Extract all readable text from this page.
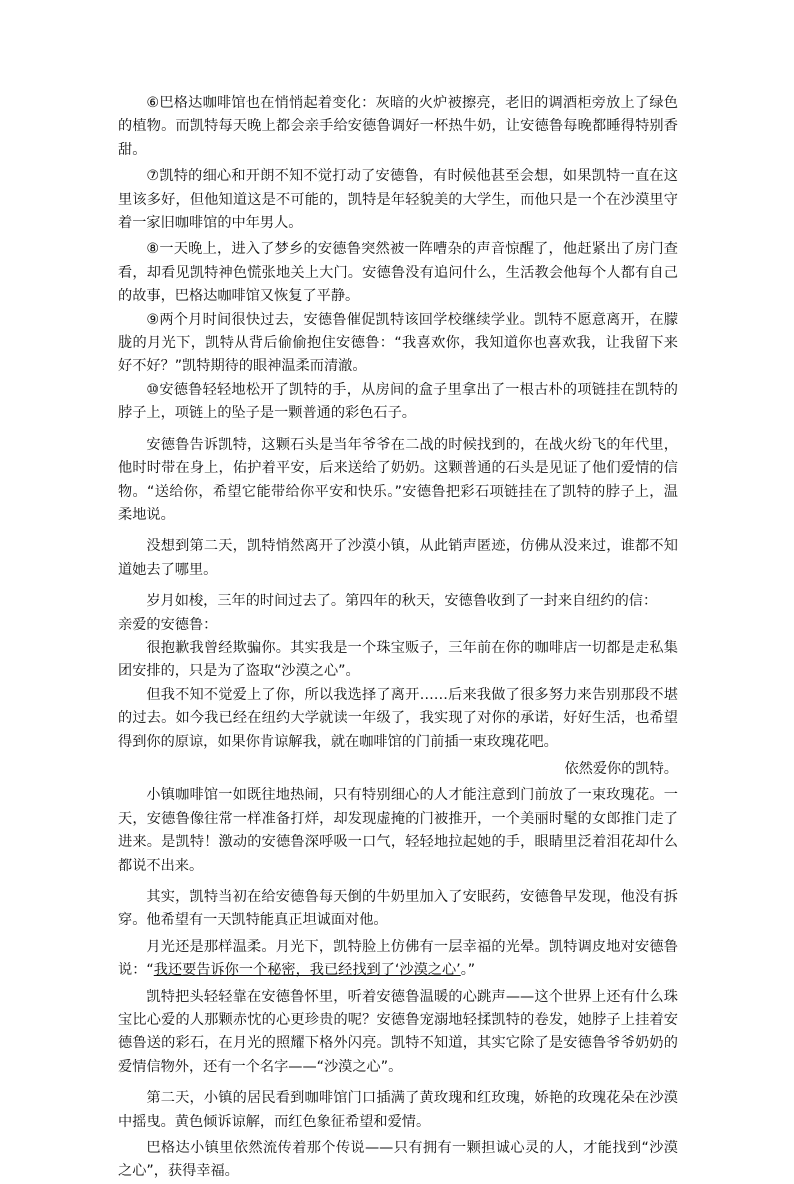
⑥巴格达咖啡馆也在悄悄起着变化：灰暗的火炉被擦亮，老旧的调酒柜旁放上了绿色的植物。而凯特每天晚上都会亲手给安德鲁调好一杯热牛奶，让安德鲁每晚都睡得特别香甜。

⑦凯特的细心和开朗不知不觉打动了安德鲁，有时候他甚至会想，如果凯特一直在这里该多好，但他知道这是不可能的，凯特是年轻貌美的大学生，而他只是一个在沙漠里守着一家旧咖啡馆的中年男人。

⑧一天晚上，进入了梦乡的安德鲁突然被一阵嘈杂的声音惊醒了，他赶紧出了房门查看，却看见凯特神色慌张地关上大门。安德鲁没有追问什么，生活教会他每个人都有自己的故事，巴格达咖啡馆又恢复了平静。

⑨两个月时间很快过去，安德鲁催促凯特该回学校继续学业。凯特不愿意离开，在朦胧的月光下，凯特从背后偷偷抱住安德鲁：“我喜欢你，我知道你也喜欢我，让我留下来好不好？”凯特期待的眼神温柔而清澈。

⑩安德鲁轻轻地松开了凯特的手，从房间的盒子里拿出了一根古朴的项链挂在凯特的脖子上，项链上的坠子是一颗普通的彩色石子。

安德鲁告诉凯特，这颗石头是当年爷爷在二战的时候找到的，在战火纷飞的年代里，他时时带在身上，佑护着平安，后来送给了奶奶。这颗普通的石头是见证了他们爱情的信物。“送给你，希望它能带给你平安和快乐。”安德鲁把彩石项链挂在了凯特的脖子上，温柔地说。

没想到第二天，凯特悄然离开了沙漠小镇，从此销声匿迹，仿佛从没来过，谁都不知道她去了哪里。

岁月如梭，三年的时间过去了。第四年的秋天，安德鲁收到了一封来自纽约的信：

亲爱的安德鲁：

很抱歉我曾经欺骗你。其实我是一个珠宝贩子，三年前在你的咖啡店一切都是走私集团安排的，只是为了盗取“沙漠之心”。

但我不知不觉爱上了你，所以我选择了离开……后来我做了很多努力来告别那段不堪的过去。如今我已经在纽约大学就读一年级了，我实现了对你的承诺，好好生活，也希望得到你的原谅，如果你肯谅解我，就在咖啡馆的门前插一束玫瑰花吧。

依然爱你的凯特。

小镇咖啡馆一如既往地热闹，只有特别细心的人才能注意到门前放了一束玫瑰花。一天，安德鲁像往常一样准备打烊，却发现虚掩的门被推开，一个美丽时髦的女郎推门走了进来。是凯特！激动的安德鲁深呼吸一口气，轻轻地拉起她的手，眼睛里泛着泪花却什么都说不出来。

其实，凯特当初在给安德鲁每天倒的牛奶里加入了安眠药，安德鲁早发现，他没有拆穿。他希望有一天凯特能真正坦诚面对他。

月光还是那样温柔。月光下，凯特脸上仿佛有一层幸福的光晕。凯特调皮地对安德鲁说：“我还要告诉你一个秘密，我已经找到了‘沙漠之心’。”

凯特把头轻轻靠在安德鲁怀里，听着安德鲁温暖的心跳声——这个世界上还有什么珠宝比心爱的人那颗赤忱的心更珍贵的呢？安德鲁宠溺地轻揉凯特的卷发，她脖子上挂着安德鲁送的彩石，在月光的照耀下格外闪亮。凯特不知道，其实它除了是安德鲁爷爷奶奶的爱情信物外，还有一个名字——“沙漠之心”。

第二天，小镇的居民看到咖啡馆门口插满了黄玫瑰和红玫瑰，娇艳的玫瑰花朵在沙漠中摇曳。黄色倾诉谅解，而红色象征希望和爱情。

巴格达小镇里依然流传着那个传说——只有拥有一颗担诚心灵的人，才能找到“沙漠之心”，获得幸福。
